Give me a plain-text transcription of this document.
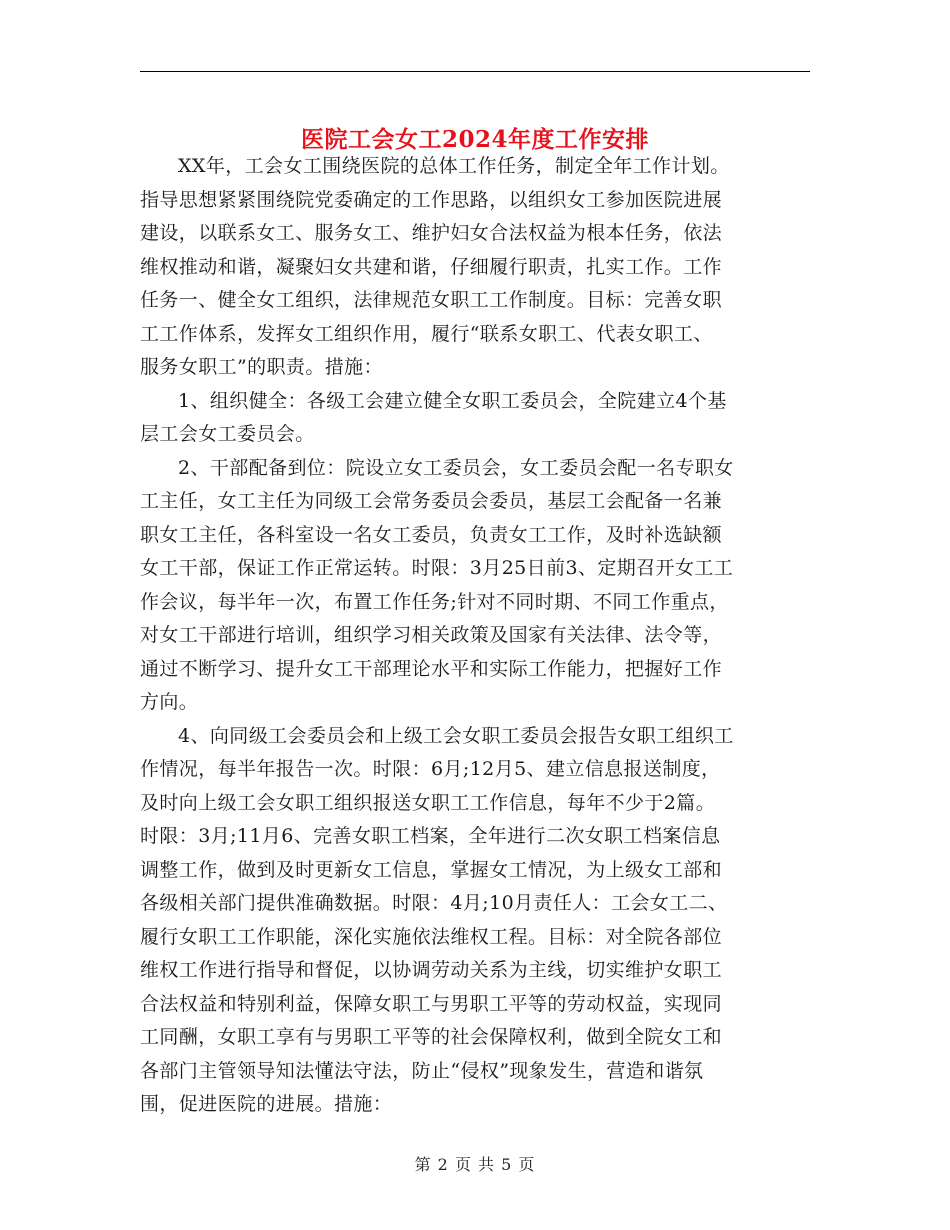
医院工会女工2024年度工作安排

XX年，工会女工围绕医院的总体工作任务，制定全年工作计划。
指导思想紧紧围绕院党委确定的工作思路，以组织女工参加医院进展
建设，以联系女工、服务女工、维护妇女合法权益为根本任务，依法
维权推动和谐，凝聚妇女共建和谐，仔细履行职责，扎实工作。工作
任务一、健全女工组织，法律规范女职工工作制度。目标：完善女职
工工作体系，发挥女工组织作用，履行“联系女职工、代表女职工、
服务女职工”的职责。措施：

1、组织健全：各级工会建立健全女职工委员会，全院建立4个基
层工会女工委员会。

2、干部配备到位：院设立女工委员会，女工委员会配一名专职女
工主任，女工主任为同级工会常务委员会委员，基层工会配备一名兼
职女工主任，各科室设一名女工委员，负责女工工作，及时补选缺额
女工干部，保证工作正常运转。时限：3月25日前3、定期召开女工工
作会议，每半年一次，布置工作任务;针对不同时期、不同工作重点，
对女工干部进行培训，组织学习相关政策及国家有关法律、法令等，
通过不断学习、提升女工干部理论水平和实际工作能力，把握好工作
方向。

4、向同级工会委员会和上级工会女职工委员会报告女职工组织工
作情况，每半年报告一次。时限：6月;12月5、建立信息报送制度，
及时向上级工会女职工组织报送女职工工作信息，每年不少于2篇。
时限：3月;11月6、完善女职工档案，全年进行二次女职工档案信息
调整工作，做到及时更新女工信息，掌握女工情况，为上级女工部和
各级相关部门提供准确数据。时限：4月;10月责任人：工会女工二、
履行女职工工作职能，深化实施依法维权工程。目标：对全院各部位
维权工作进行指导和督促，以协调劳动关系为主线，切实维护女职工
合法权益和特别利益，保障女职工与男职工平等的劳动权益，实现同
工同酬，女职工享有与男职工平等的社会保障权利，做到全院女工和
各部门主管领导知法懂法守法，防止“侵权”现象发生，营造和谐氛
围，促进医院的进展。措施：

第 2 页 共 5 页
